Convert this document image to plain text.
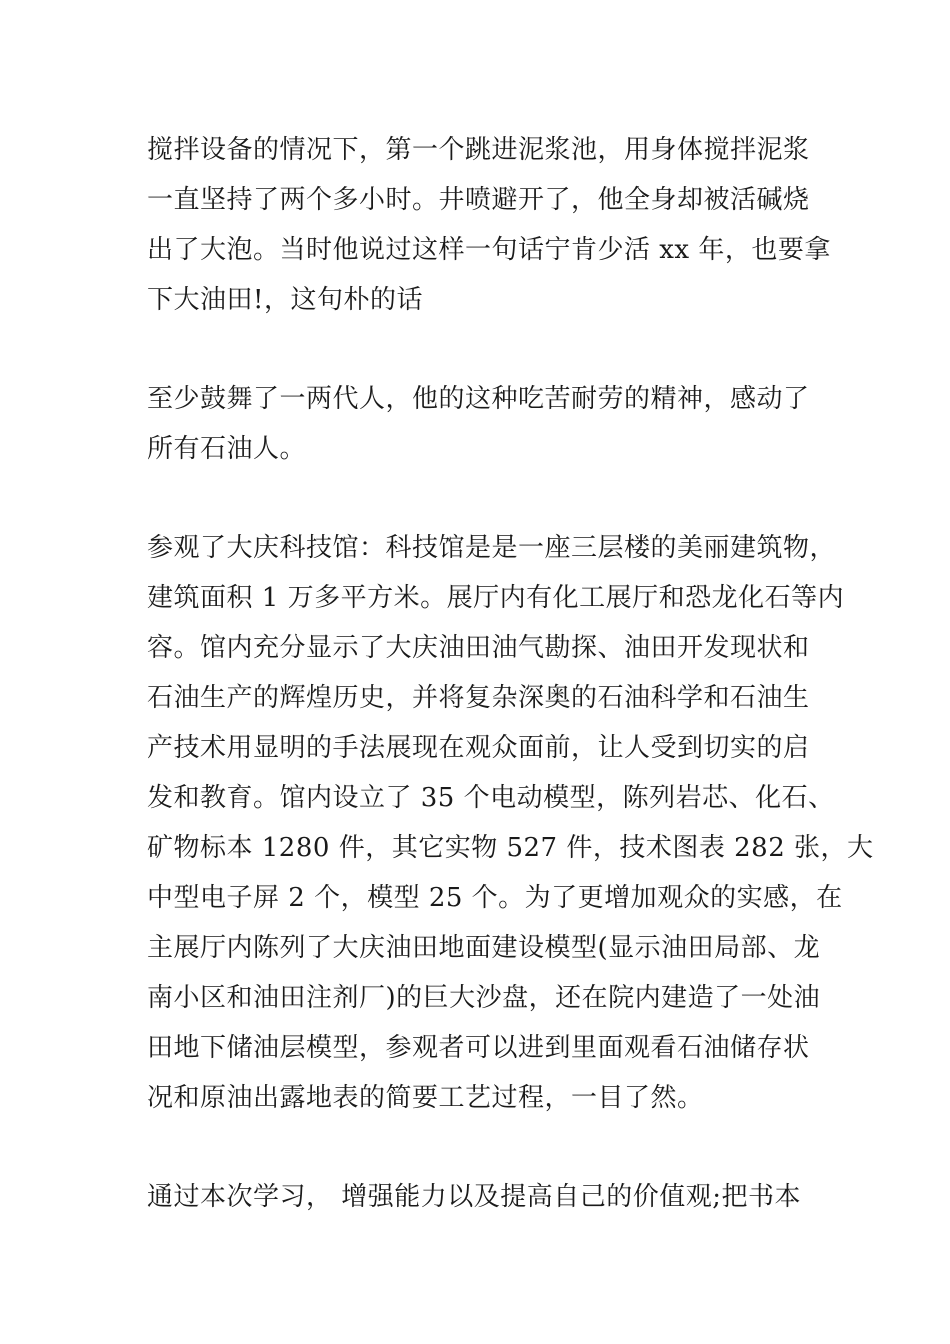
搅拌设备的情况下，第一个跳进泥浆池，用身体搅拌泥浆
一直坚持了两个多小时。井喷避开了，他全身却被活碱烧
出了大泡。当时他说过这样一句话宁肯少活 xx 年，也要拿
下大油田!，这句朴的话
至少鼓舞了一两代人，他的这种吃苦耐劳的精神，感动了
所有石油人。
参观了大庆科技馆：科技馆是是一座三层楼的美丽建筑物，
建筑面积 1 万多平方米。展厅内有化工展厅和恐龙化石等内
容。馆内充分显示了大庆油田油气勘探、油田开发现状和
石油生产的辉煌历史，并将复杂深奥的石油科学和石油生
产技术用显明的手法展现在观众面前，让人受到切实的启
发和教育。馆内设立了 35 个电动模型，陈列岩芯、化石、
矿物标本 1280 件，其它实物 527 件，技术图表 282 张，大
中型电子屏 2 个，模型 25 个。为了更增加观众的实感，在
主展厅内陈列了大庆油田地面建设模型(显示油田局部、龙
南小区和油田注剂厂)的巨大沙盘，还在院内建造了一处油
田地下储油层模型，参观者可以进到里面观看石油储存状
况和原油出露地表的简要工艺过程，一目了然。
通过本次学习， 增强能力以及提高自己的价值观;把书本
